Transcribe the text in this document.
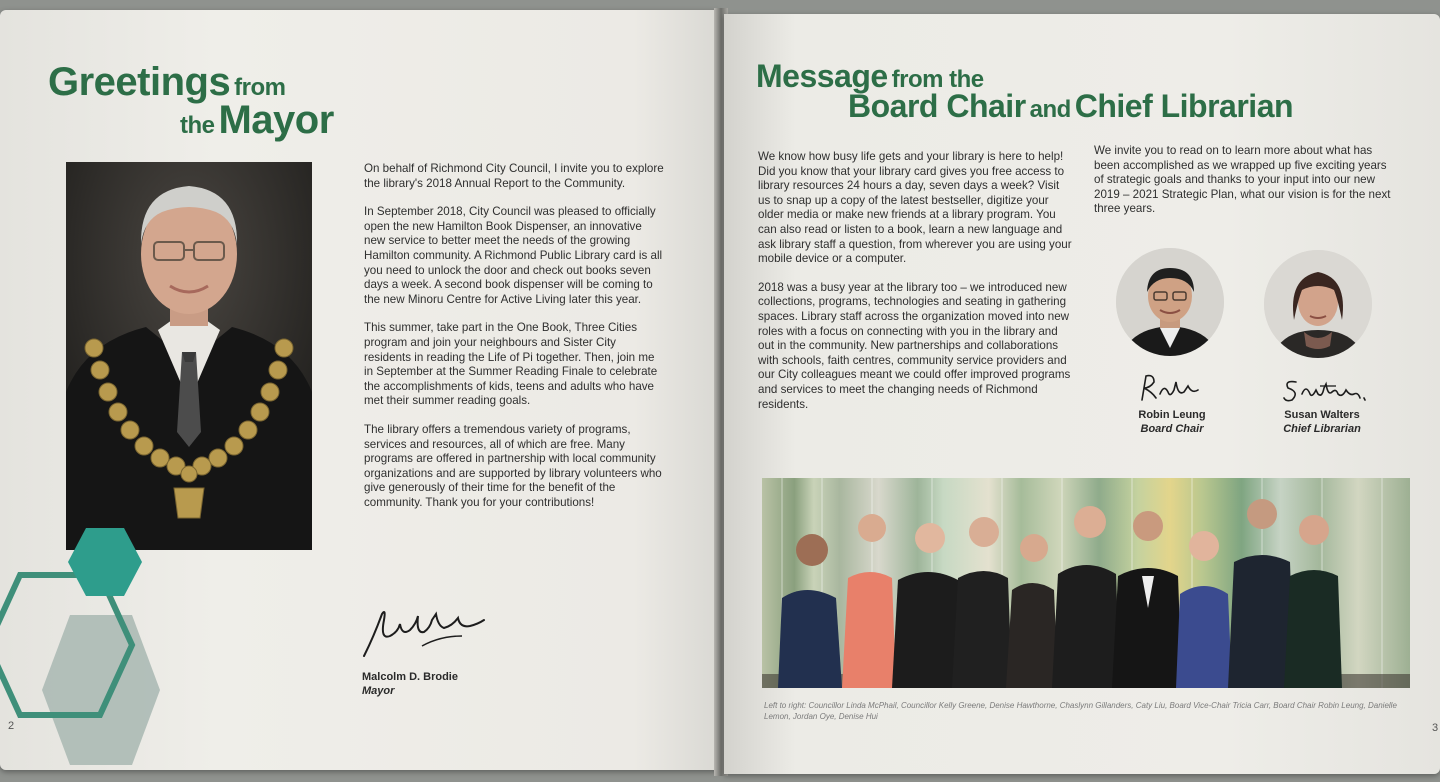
Greetings from
the Mayor

On behalf of Richmond City Council, I invite you to explore the library's 2018 Annual Report to the Community.

In September 2018, City Council was pleased to officially open the new Hamilton Book Dispenser, an innovative new service to better meet the needs of the growing Hamilton community. A Richmond Public Library card is all you need to unlock the door and check out books seven days a week. A second book dispenser will be coming to the new Minoru Centre for Active Living later this year.

This summer, take part in the One Book, Three Cities program and join your neighbours and Sister City residents in reading the Life of Pi together. Then, join me in September at the Summer Reading Finale to celebrate the accomplishments of kids, teens and adults who have met their summer reading goals.

The library offers a tremendous variety of programs, services and resources, all of which are free. Many programs are offered in partnership with local community organizations and are supported by library volunteers who give generously of their time for the benefit of the community. Thank you for your contributions!

Malcolm D. Brodie
Mayor
2
Message from the
Board Chair and Chief Librarian

We know how busy life gets and your library is here to help! Did you know that your library card gives you free access to library resources 24 hours a day, seven days a week? Visit us to snap up a copy of the latest bestseller, digitize your older media or make new friends at a library program. You can also read or listen to a book, learn a new language and ask library staff a question, from wherever you are using your mobile device or a computer.

2018 was a busy year at the library too – we introduced new collections, programs, technologies and seating in gathering spaces. Library staff across the organization moved into new roles with a focus on connecting with you in the library and out in the community. New partnerships and collaborations with schools, faith centres, community service providers and our City colleagues meant we could offer improved programs and services to meet the changing needs of Richmond residents.

We invite you to read on to learn more about what has been accomplished as we wrapped up five exciting years of strategic goals and thanks to your input into our new 2019 – 2021 Strategic Plan, what our vision is for the next three years.

Robin Leung
Board Chair
Susan Walters
Chief Librarian
Left to right: Councillor Linda McPhail, Councillor Kelly Greene, Denise Hawthorne, Chaslynn Gillanders, Caty Liu, Board Vice-Chair Tricia Carr, Board Chair Robin Leung, Danielle Lemon, Jordan Oye, Denise Hui
3
